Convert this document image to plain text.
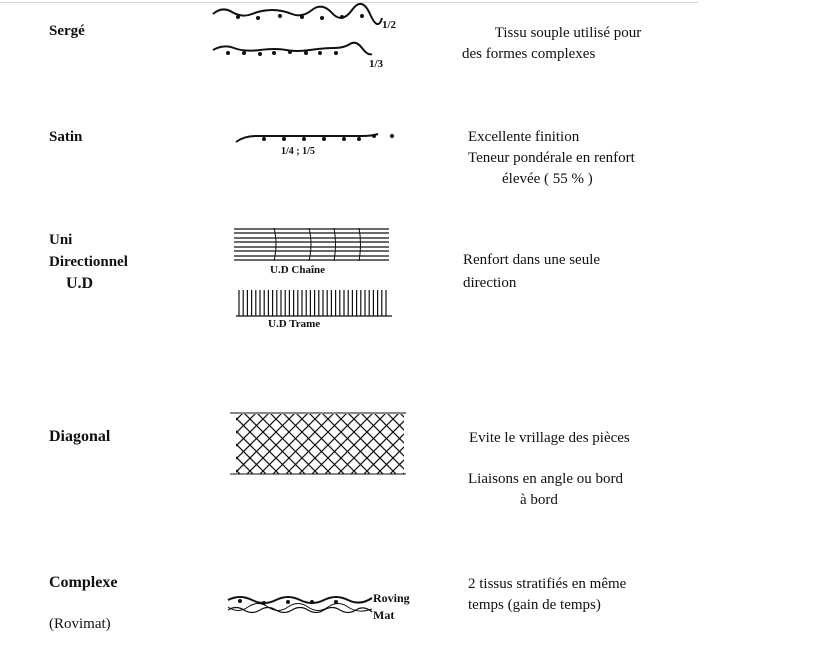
Sergé	1/2
1/3
Tissu souple utilisé pour
des formes complexes
Satin
1/4 ; 1/5
Excellente finition
Teneur pondérale en renfort
élevée ( 55 % )
Uni
Directionnel
U.D
U.D Chaîne
U.D Trame
Renfort dans une seule
direction
Diagonal	Evite le vrillage des pièces
Liaisons en angle ou bord
à bord
Complexe
(Rovimat)
Roving
Mat
2 tissus stratifiés en même
temps (gain de temps)
